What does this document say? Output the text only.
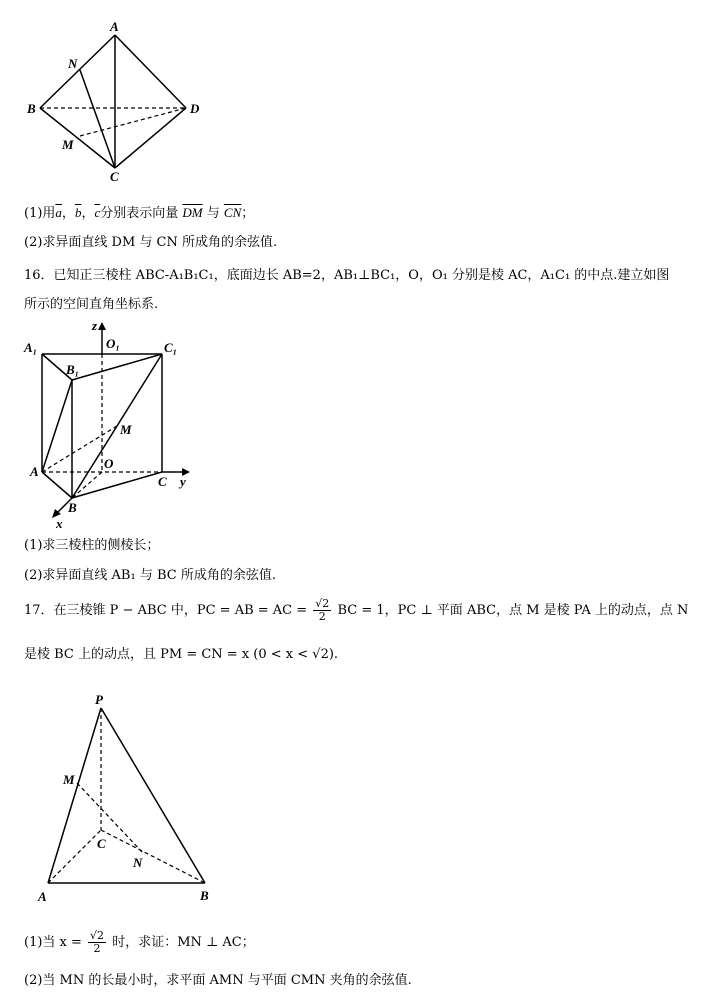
A
N
B	D
M
C
(1)用$\overline{a}$，$\overline{b}$，$\overline{c}$分别表示向量 $\overline{DM}$ 与 $\overline{CN}$；
(2)求异面直线 DM 与 CN 所成角的余弦值.
16．已知正三棱柱 ABC-A₁B₁C₁，底面边长 AB=2，AB₁⊥BC₁，O，O₁ 分别是棱 AC，A₁C₁ 的中点.建立如图
所示的空间直角坐标系.
A₁	O₁	C₁
z
B₁
M
A
O
C y
B
x
(1)求三棱柱的侧棱长；
(2)求异面直线 AB₁ 与 BC 所成角的余弦值.
17．在三棱锥 P − ABC 中，PC = AB = AC = $\frac{√2}{2}$ BC = 1，PC ⊥ 平面 ABC，点 M 是棱 PA 上的动点，点 N
是棱 BC 上的动点，且 PM = CN = x (0 < x < √2).
P
M
C
N
A	B
(1)当 $x = \frac{√2}{2}$ 时，求证：MN ⊥ AC；
(2)当 MN 的长最小时，求平面 AMN 与平面 CMN 夹角的余弦值.
